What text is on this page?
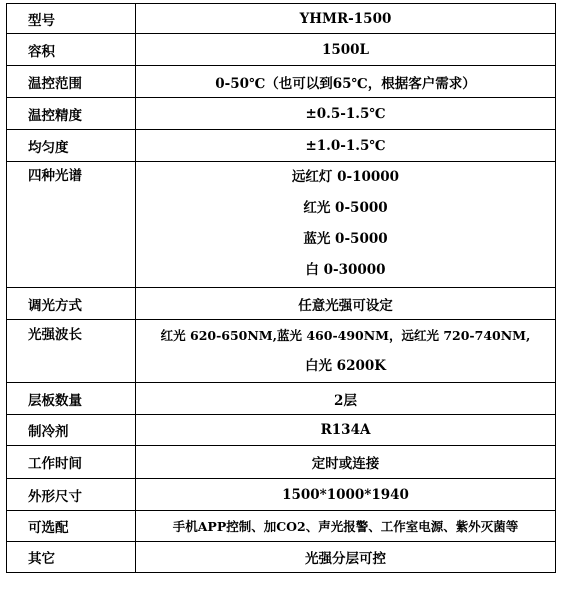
型号	YHMR-1500
容积	1500L
温控范围	0-50℃（也可以到65℃，根据客户需求）
温控精度	±0.5-1.5℃
均匀度	±1.0-1.5℃

四种光谱	远红灯 0-10000
红光 0-5000
蓝光 0-5000
白 0-30000

调光方式	任意光强可设定

光强波长	红光 620-650NM,蓝光 460-490NM，远红光 720-740NM,
白光 6200K

层板数量	2层
制冷剂	R134A
工作时间	定时或连接
外形尺寸	1500*1000*1940
可选配	手机APP控制、加CO2、声光报警、工作室电源、紫外灭菌等
其它	光强分层可控
